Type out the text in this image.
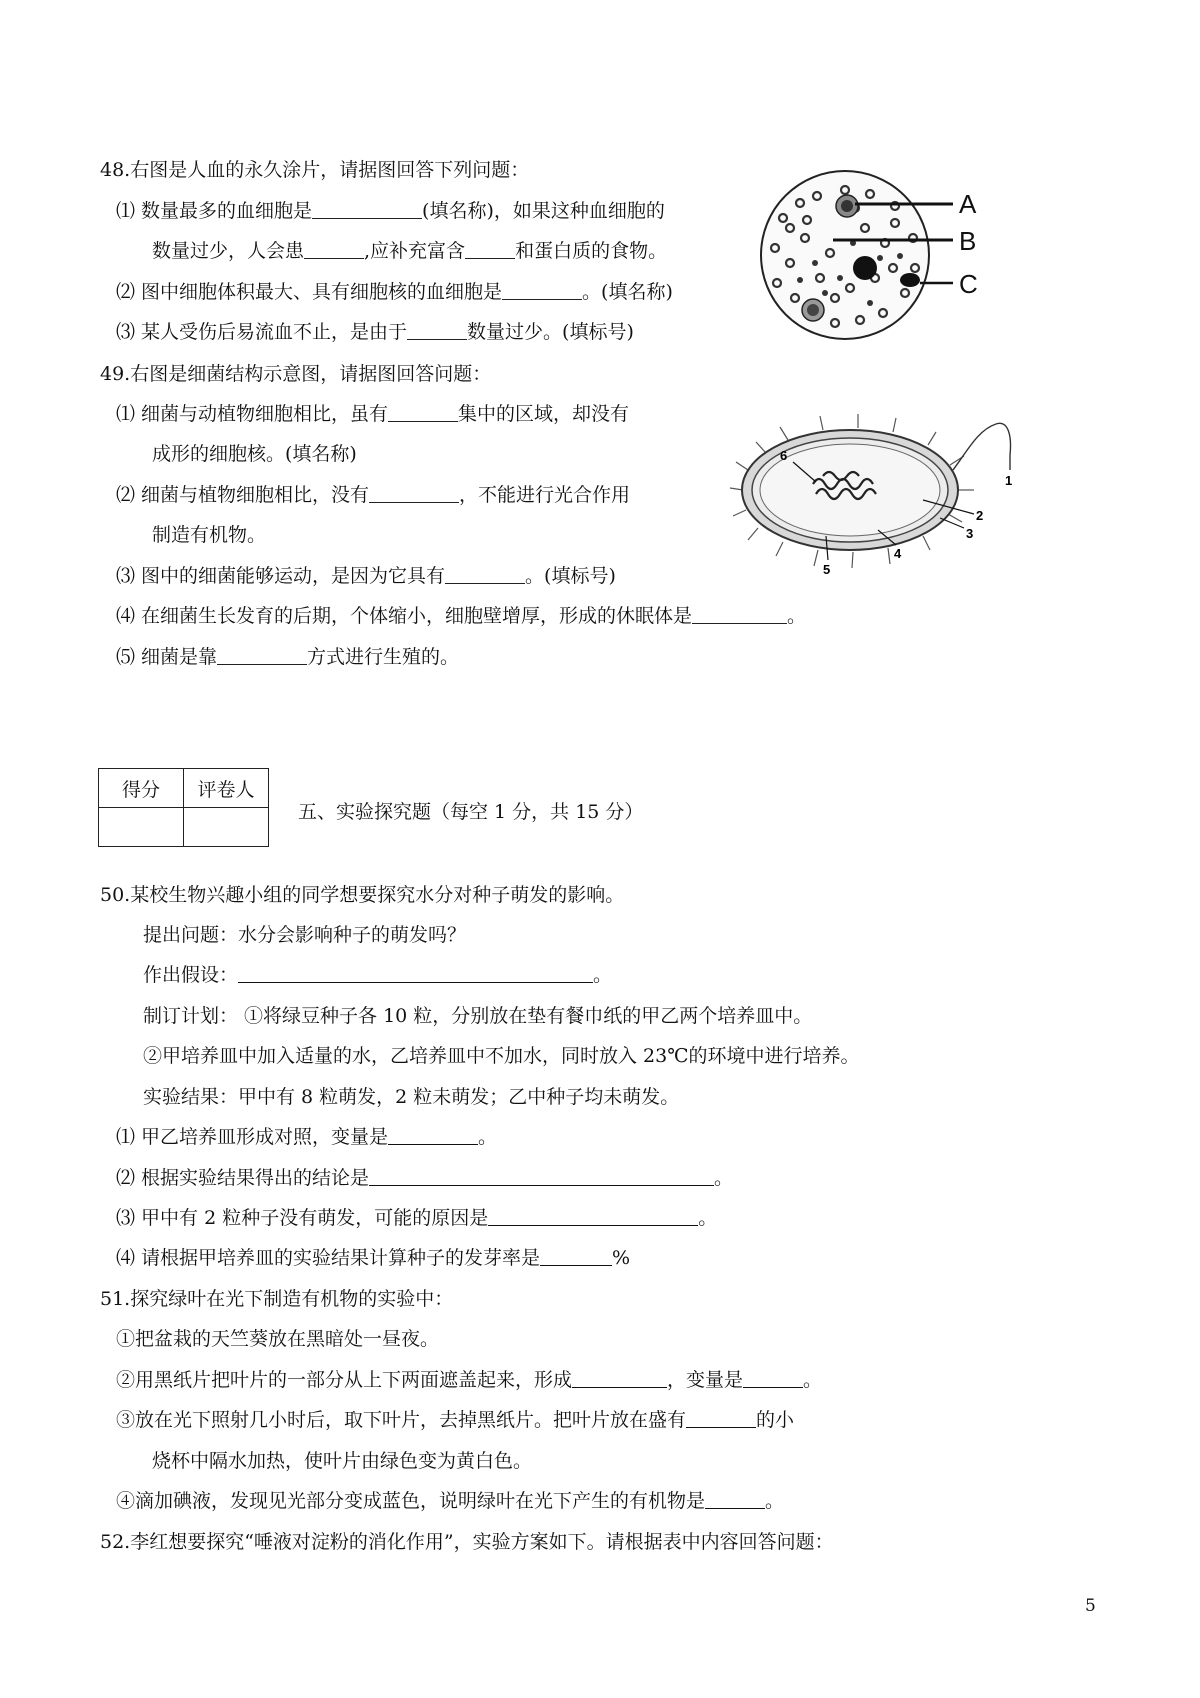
48.右图是人血的永久涂片，请据图回答下列问题：
⑴ 数量最多的血细胞是	(填名称)，如果这种血细胞的
数量过少，人会患	,应补充富含	和蛋白质的食物。
⑵ 图中细胞体积最大、具有细胞核的血细胞是	。(填名称)
⑶ 某人受伤后易流血不止，是由于	数量过少。(填标号)
A
B
C
49.右图是细菌结构示意图，请据图回答问题：
⑴ 细菌与动植物细胞相比，虽有	集中的区域，却没有
成形的细胞核。(填名称)
⑵ 细菌与植物细胞相比，没有	，不能进行光合作用
制造有机物。
⑶ 图中的细菌能够运动，是因为它具有	。(填标号)
⑷ 在细菌生长发育的后期，个体缩小，细胞壁增厚，形成的休眠体是	。
⑸ 细菌是靠	方式进行生殖的。
6
1
2
3
4
5
得分	评卷人

五、实验探究题（每空 1 分，共 15 分）
50.某校生物兴趣小组的同学想要探究水分对种子萌发的影响。
提出问题：水分会影响种子的萌发吗？
作出假设：	。
制订计划： ①将绿豆种子各 10 粒，分别放在垫有餐巾纸的甲乙两个培养皿中。
②甲培养皿中加入适量的水，乙培养皿中不加水，同时放入 23℃的环境中进行培养。
实验结果：甲中有 8 粒萌发，2 粒未萌发；乙中种子均未萌发。
⑴ 甲乙培养皿形成对照，变量是	。
⑵ 根据实验结果得出的结论是	。
⑶ 甲中有 2 粒种子没有萌发，可能的原因是	。
⑷ 请根据甲培养皿的实验结果计算种子的发芽率是	%
51.探究绿叶在光下制造有机物的实验中：
①把盆栽的天竺葵放在黑暗处一昼夜。
②用黑纸片把叶片的一部分从上下两面遮盖起来，形成	，变量是	。
③放在光下照射几小时后，取下叶片，去掉黑纸片。把叶片放在盛有	的小
烧杯中隔水加热，使叶片由绿色变为黄白色。
④滴加碘液，发现见光部分变成蓝色，说明绿叶在光下产生的有机物是	。
52.李红想要探究“唾液对淀粉的消化作用”，实验方案如下。请根据表中内容回答问题：
5
